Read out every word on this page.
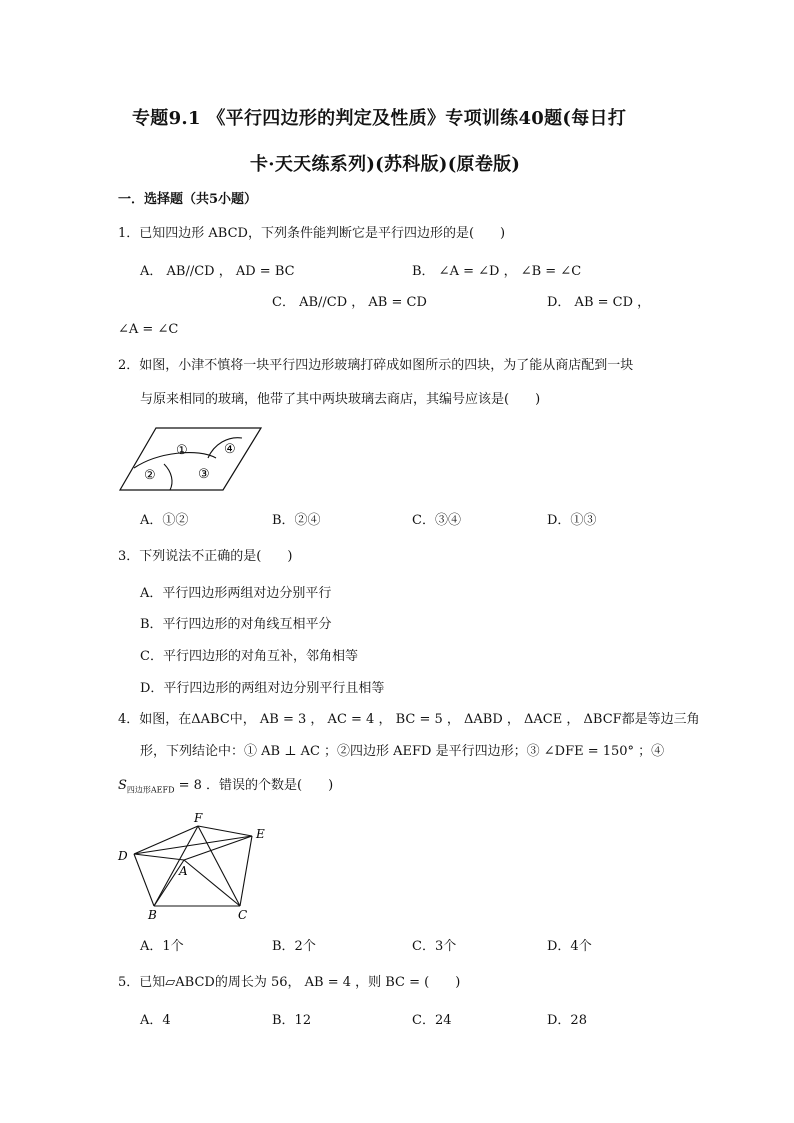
专题9.1 《平行四边形的判定及性质》专项训练40题(每日打
卡·天天练系列)(苏科版)(原卷版)
一．选择题（共5小题）
1．已知四边形 ABCD，下列条件能判断它是平行四边形的是(　　)
A． AB//CD ， AD = BC	B． ∠A = ∠D ， ∠B = ∠C
C． AB//CD ， AB = CD	D． AB = CD ，
∠A = ∠C
2．如图，小津不慎将一块平行四边形玻璃打碎成如图所示的四块，为了能从商店配到一块
与原来相同的玻璃，他带了其中两块玻璃去商店，其编号应该是(　　)
①	④
②	③
A．①②	B．②④	C．③④	D．①③
3．下列说法不正确的是(　　)
A．平行四边形两组对边分别平行
B．平行四边形的对角线互相平分
C．平行四边形的对角互补，邻角相等
D．平行四边形的两组对边分别平行且相等
4．如图，在ΔABC中， AB = 3 ， AC = 4 ， BC = 5 ， ΔABD ， ΔACE ， ΔBCF都是等边三角
形，下列结论中：① AB ⊥ AC ；②四边形 AEFD 是平行四边形；③ ∠DFE = 150° ；④
$S_{四边形AEFD} = 8$ ．错误的个数是(　　)
F
E
D
A
B	C
A．1个	B．2个	C．3个	D．4个
5．已知▱ABCD的周长为 56， AB = 4 ，则 BC = (　　)
A．4	B．12	C．24	D．28
